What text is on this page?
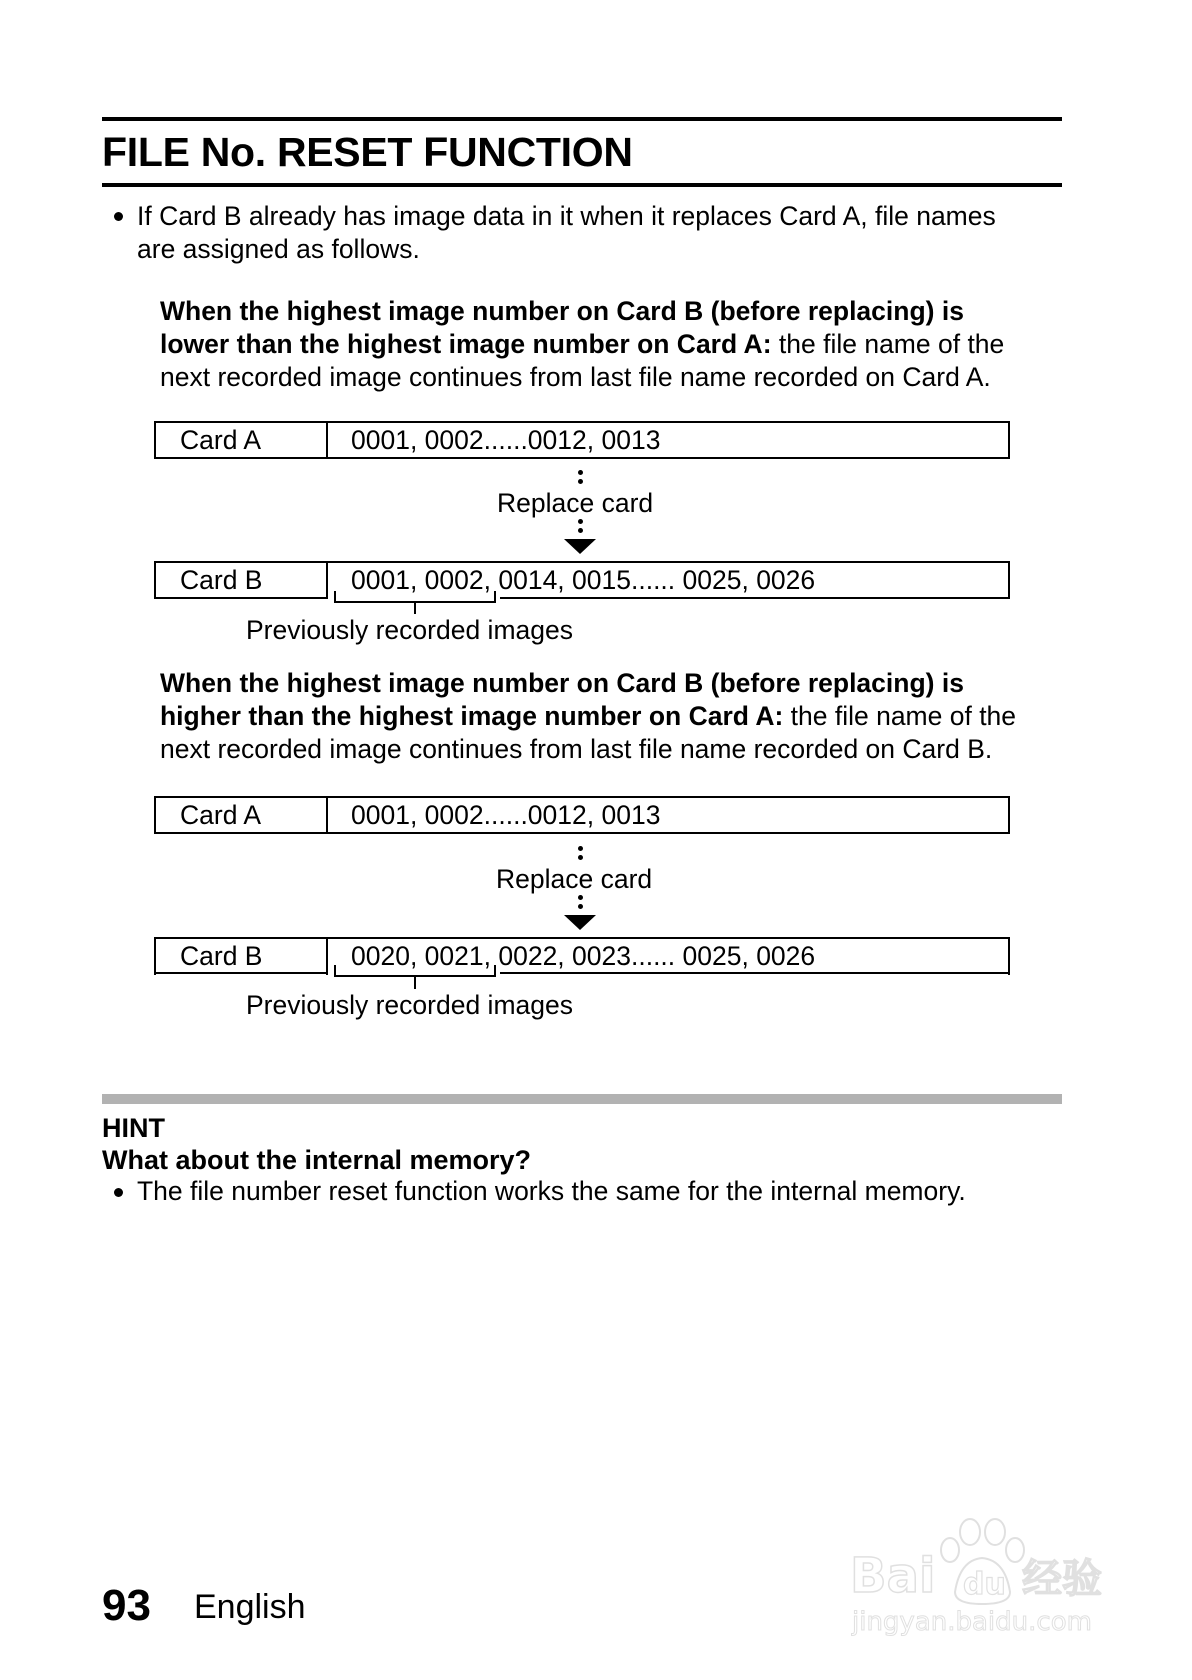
FILE No. RESET FUNCTION
If Card B already has image data in it when it replaces Card A, file names
are assigned as follows.
When the highest image number on Card B (before replacing) is
lower than the highest image number on Card A: the file name of the
next recorded image continues from last file name recorded on Card A.
Card A	0001, 0002......0012, 0013
Replace card
Card B	0001, 0002, 0014, 0015...... 0025, 0026
Previously recorded images
When the highest image number on Card B (before replacing) is
higher than the highest image number on Card A: the file name of the
next recorded image continues from last file name recorded on Card B.
Card A	0001, 0002......0012, 0013
Replace card
Card B	0020, 0021, 0022, 0023...... 0025, 0026
Previously recorded images
HINT
What about the internal memory?
The file number reset function works the same for the internal memory.
93 English
Bai du 经验
jingyan.baidu.com
